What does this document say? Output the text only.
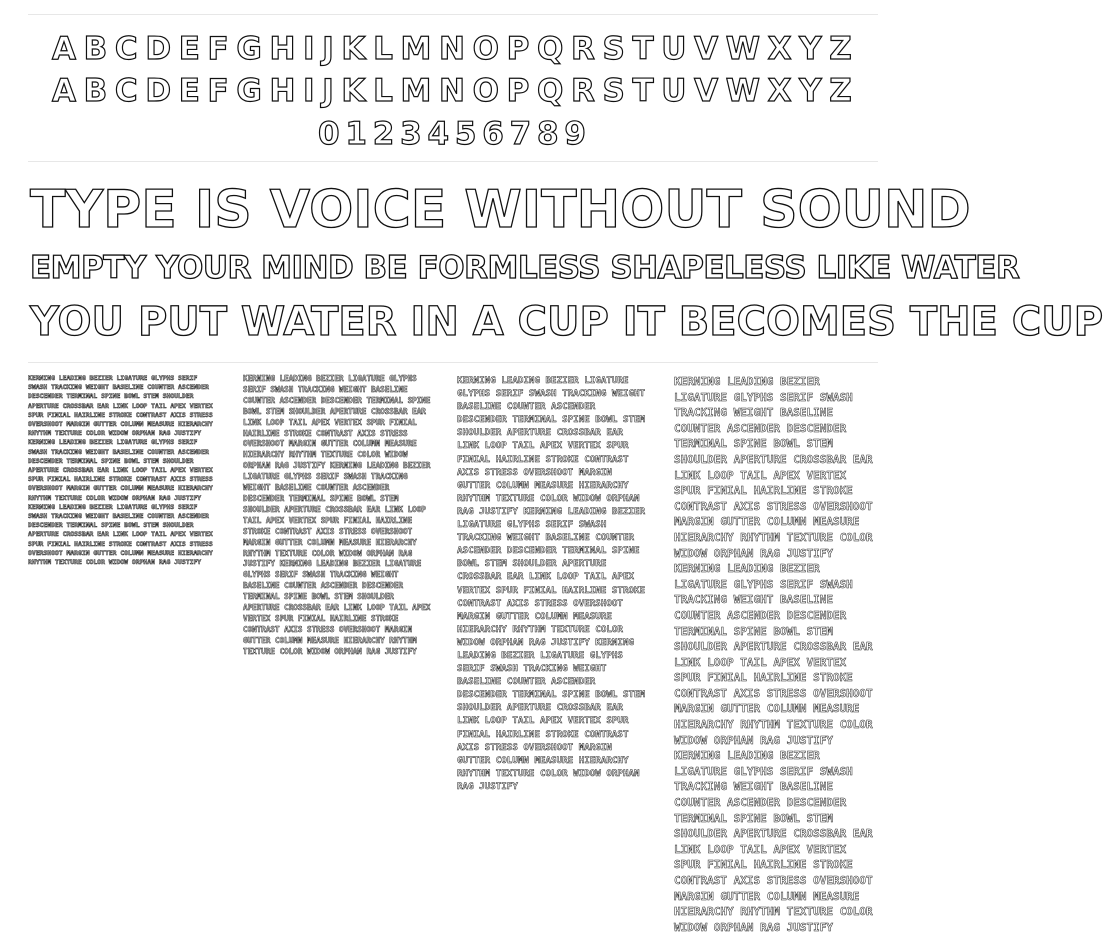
A B C D E F G H I J K L M N O P Q R S T U V W X Y Z
A B C D E F G H I J K L M N O P Q R S T U V W X Y Z
0 1 2 3 4 5 6 7 8 9
TYPE IS VOICE WITHOUT SOUND
EMPTY YOUR MIND BE FORMLESS SHAPELESS LIKE WATER
YOU PUT WATER IN A CUP IT BECOMES THE CUP
KERNING LEADING BEZIER LIGATURE GLYPHS SERIF SWASH TRACKING WEIGHT BASELINE COUNTER ASCENDER DESCENDER TERMINAL SPINE BOWL STEM SHOULDER APERTURE CROSSBAR EAR LINK LOOP TAIL APEX VERTEX SPUR FINIAL HAIRLINE STROKE CONTRAST AXIS STRESS OVERSHOOT MARGIN GUTTER COLUMN MEASURE HIERARCHY RHYTHM TEXTURE COLOR WIDOW ORPHAN RAG JUSTIFY KERNING LEADING BEZIER LIGATURE GLYPHS SERIF SWASH TRACKING WEIGHT BASELINE COUNTER ASCENDER DESCENDER TERMINAL SPINE BOWL STEM SHOULDER APERTURE CROSSBAR EAR LINK LOOP TAIL APEX VERTEX SPUR FINIAL HAIRLINE STROKE CONTRAST AXIS STRESS OVERSHOOT MARGIN GUTTER COLUMN MEASURE HIERARCHY RHYTHM TEXTURE COLOR WIDOW ORPHAN RAG JUSTIFY KERNING LEADING BEZIER LIGATURE GLYPHS SERIF SWASH TRACKING WEIGHT BASELINE COUNTER ASCENDER DESCENDER TERMINAL SPINE BOWL STEM SHOULDER APERTURE CROSSBAR EAR LINK LOOP TAIL APEX VERTEX SPUR FINIAL HAIRLINE STROKE CONTRAST AXIS STRESS OVERSHOOT MARGIN GUTTER COLUMN MEASURE HIERARCHY RHYTHM TEXTURE COLOR WIDOW ORPHAN RAG JUSTIFY
KERNING LEADING BEZIER LIGATURE GLYPHS SERIF SWASH TRACKING WEIGHT BASELINE COUNTER ASCENDER DESCENDER TERMINAL SPINE BOWL STEM SHOULDER APERTURE CROSSBAR EAR LINK LOOP TAIL APEX VERTEX SPUR FINIAL HAIRLINE STROKE CONTRAST AXIS STRESS OVERSHOOT MARGIN GUTTER COLUMN MEASURE HIERARCHY RHYTHM TEXTURE COLOR WIDOW ORPHAN RAG JUSTIFY KERNING LEADING BEZIER LIGATURE GLYPHS SERIF SWASH TRACKING WEIGHT BASELINE COUNTER ASCENDER DESCENDER TERMINAL SPINE BOWL STEM SHOULDER APERTURE CROSSBAR EAR LINK LOOP TAIL APEX VERTEX SPUR FINIAL HAIRLINE STROKE CONTRAST AXIS STRESS OVERSHOOT MARGIN GUTTER COLUMN MEASURE HIERARCHY RHYTHM TEXTURE COLOR WIDOW ORPHAN RAG JUSTIFY KERNING LEADING BEZIER LIGATURE GLYPHS SERIF SWASH TRACKING WEIGHT BASELINE COUNTER ASCENDER DESCENDER TERMINAL SPINE BOWL STEM SHOULDER APERTURE CROSSBAR EAR LINK LOOP TAIL APEX VERTEX SPUR FINIAL HAIRLINE STROKE CONTRAST AXIS STRESS OVERSHOOT MARGIN GUTTER COLUMN MEASURE HIERARCHY RHYTHM TEXTURE COLOR WIDOW ORPHAN RAG JUSTIFY
KERNING LEADING BEZIER LIGATURE GLYPHS SERIF SWASH TRACKING WEIGHT BASELINE COUNTER ASCENDER DESCENDER TERMINAL SPINE BOWL STEM SHOULDER APERTURE CROSSBAR EAR LINK LOOP TAIL APEX VERTEX SPUR FINIAL HAIRLINE STROKE CONTRAST AXIS STRESS OVERSHOOT MARGIN GUTTER COLUMN MEASURE HIERARCHY RHYTHM TEXTURE COLOR WIDOW ORPHAN RAG JUSTIFY KERNING LEADING BEZIER LIGATURE GLYPHS SERIF SWASH TRACKING WEIGHT BASELINE COUNTER ASCENDER DESCENDER TERMINAL SPINE BOWL STEM SHOULDER APERTURE CROSSBAR EAR LINK LOOP TAIL APEX VERTEX SPUR FINIAL HAIRLINE STROKE CONTRAST AXIS STRESS OVERSHOOT MARGIN GUTTER COLUMN MEASURE HIERARCHY RHYTHM TEXTURE COLOR WIDOW ORPHAN RAG JUSTIFY KERNING LEADING BEZIER LIGATURE GLYPHS SERIF SWASH TRACKING WEIGHT BASELINE COUNTER ASCENDER DESCENDER TERMINAL SPINE BOWL STEM SHOULDER APERTURE CROSSBAR EAR LINK LOOP TAIL APEX VERTEX SPUR FINIAL HAIRLINE STROKE CONTRAST AXIS STRESS OVERSHOOT MARGIN GUTTER COLUMN MEASURE HIERARCHY RHYTHM TEXTURE COLOR WIDOW ORPHAN RAG JUSTIFY
KERNING LEADING BEZIER LIGATURE GLYPHS SERIF SWASH TRACKING WEIGHT BASELINE COUNTER ASCENDER DESCENDER TERMINAL SPINE BOWL STEM SHOULDER APERTURE CROSSBAR EAR LINK LOOP TAIL APEX VERTEX SPUR FINIAL HAIRLINE STROKE CONTRAST AXIS STRESS OVERSHOOT MARGIN GUTTER COLUMN MEASURE HIERARCHY RHYTHM TEXTURE COLOR WIDOW ORPHAN RAG JUSTIFY KERNING LEADING BEZIER LIGATURE GLYPHS SERIF SWASH TRACKING WEIGHT BASELINE COUNTER ASCENDER DESCENDER TERMINAL SPINE BOWL STEM SHOULDER APERTURE CROSSBAR EAR LINK LOOP TAIL APEX VERTEX SPUR FINIAL HAIRLINE STROKE CONTRAST AXIS STRESS OVERSHOOT MARGIN GUTTER COLUMN MEASURE HIERARCHY RHYTHM TEXTURE COLOR WIDOW ORPHAN RAG JUSTIFY KERNING LEADING BEZIER LIGATURE GLYPHS SERIF SWASH TRACKING WEIGHT BASELINE COUNTER ASCENDER DESCENDER TERMINAL SPINE BOWL STEM SHOULDER APERTURE CROSSBAR EAR LINK LOOP TAIL APEX VERTEX SPUR FINIAL HAIRLINE STROKE CONTRAST AXIS STRESS OVERSHOOT MARGIN GUTTER COLUMN MEASURE HIERARCHY RHYTHM TEXTURE COLOR WIDOW ORPHAN RAG JUSTIFY
